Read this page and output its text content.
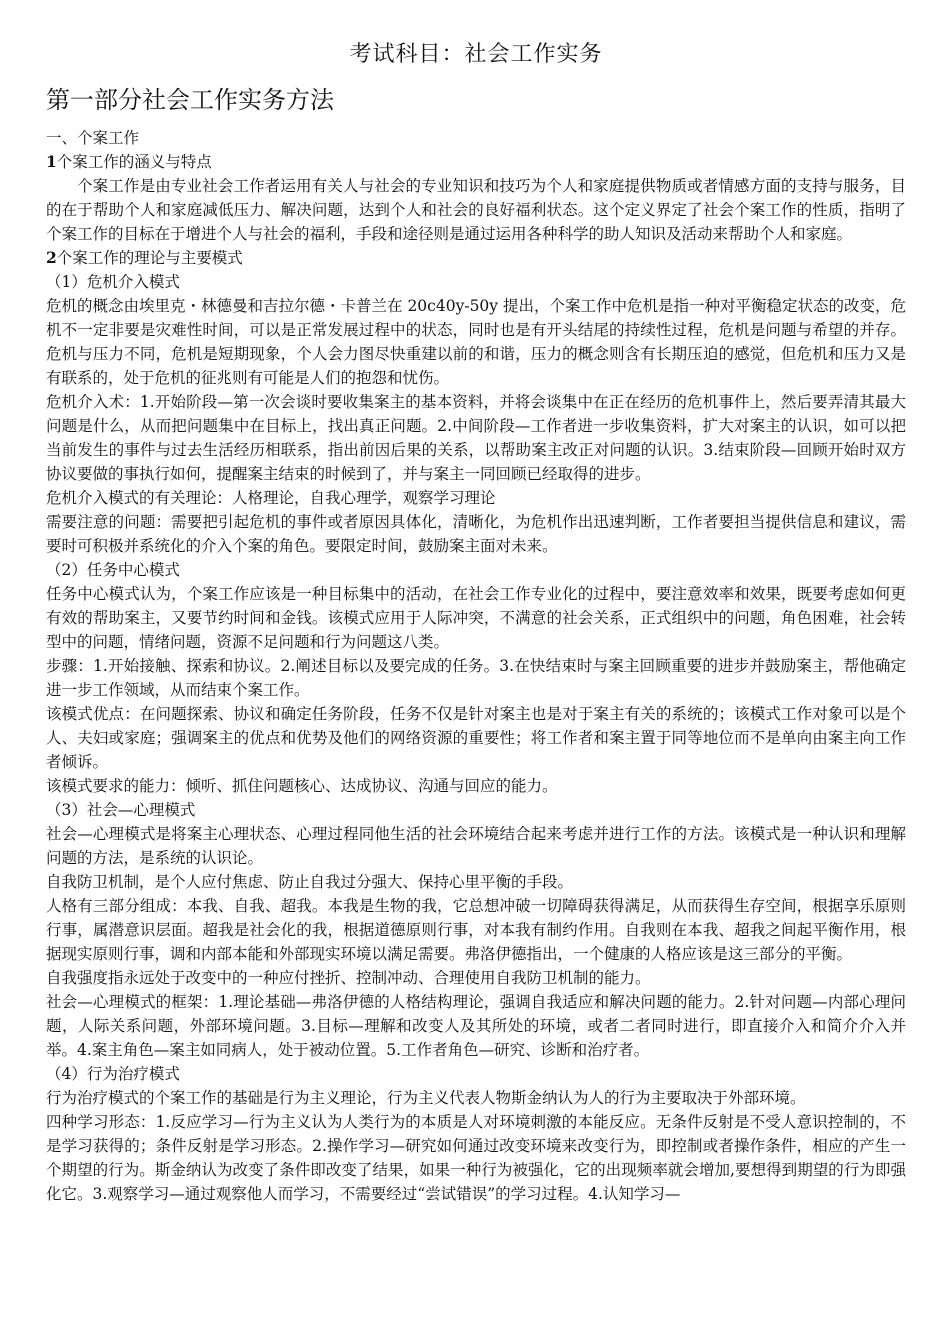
考试科目：社会工作实务
第一部分社会工作实务方法
一、个案工作
1个案工作的涵义与特点
个案工作是由专业社会工作者运用有关人与社会的专业知识和技巧为个人和家庭提供物质或者情感方面的支持与服务，目的在于帮助个人和家庭减低压力、解决问题，达到个人和社会的良好福利状态。这个定义界定了社会个案工作的性质，指明了个案工作的目标在于增进个人与社会的福利，手段和途径则是通过运用各种科学的助人知识及活动来帮助个人和家庭。
2个案工作的理论与主要模式
（1）危机介入模式
危机的概念由埃里克・林德曼和吉拉尔德・卡普兰在 20c40y-50y 提出，个案工作中危机是指一种对平衡稳定状态的改变，危机不一定非要是灾难性时间，可以是正常发展过程中的状态，同时也是有开头结尾的持续性过程，危机是问题与希望的并存。危机与压力不同，危机是短期现象，个人会力图尽快重建以前的和谐，压力的概念则含有长期压迫的感觉，但危机和压力又是有联系的，处于危机的征兆则有可能是人们的抱怨和忧伤。
危机介入术：1.开始阶段—第一次会谈时要收集案主的基本资料，并将会谈集中在正在经历的危机事件上，然后要弄清其最大问题是什么，从而把问题集中在目标上，找出真正问题。2.中间阶段—工作者进一步收集资料，扩大对案主的认识，如可以把当前发生的事件与过去生活经历相联系，指出前因后果的关系，以帮助案主改正对问题的认识。3.结束阶段—回顾开始时双方协议要做的事执行如何，提醒案主结束的时候到了，并与案主一同回顾已经取得的进步。
危机介入模式的有关理论：人格理论，自我心理学，观察学习理论
需要注意的问题：需要把引起危机的事件或者原因具体化，清晰化，为危机作出迅速判断，工作者要担当提供信息和建议，需要时可积极并系统化的介入个案的角色。要限定时间，鼓励案主面对未来。
（2）任务中心模式
任务中心模式认为，个案工作应该是一种目标集中的活动，在社会工作专业化的过程中，要注意效率和效果，既要考虑如何更有效的帮助案主，又要节约时间和金钱。该模式应用于人际冲突，不满意的社会关系，正式组织中的问题，角色困难，社会转型中的问题，情绪问题，资源不足问题和行为问题这八类。
步骤：1.开始接触、探索和协议。2.阐述目标以及要完成的任务。3.在快结束时与案主回顾重要的进步并鼓励案主，帮他确定进一步工作领域，从而结束个案工作。
该模式优点：在问题探索、协议和确定任务阶段，任务不仅是针对案主也是对于案主有关的系统的；该模式工作对象可以是个人、夫妇或家庭；强调案主的优点和优势及他们的网络资源的重要性；将工作者和案主置于同等地位而不是单向由案主向工作者倾诉。
该模式要求的能力：倾听、抓住问题核心、达成协议、沟通与回应的能力。
（3）社会—心理模式
社会—心理模式是将案主心理状态、心理过程同他生活的社会环境结合起来考虑并进行工作的方法。该模式是一种认识和理解问题的方法，是系统的认识论。
自我防卫机制，是个人应付焦虑、防止自我过分强大、保持心里平衡的手段。
人格有三部分组成：本我、自我、超我。本我是生物的我，它总想冲破一切障碍获得满足，从而获得生存空间，根据享乐原则行事，属潜意识层面。超我是社会化的我，根据道德原则行事，对本我有制约作用。自我则在本我、超我之间起平衡作用，根据现实原则行事，调和内部本能和外部现实环境以满足需要。弗洛伊德指出，一个健康的人格应该是这三部分的平衡。
自我强度指永远处于改变中的一种应付挫折、控制冲动、合理使用自我防卫机制的能力。
社会—心理模式的框架：1.理论基础—弗洛伊德的人格结构理论，强调自我适应和解决问题的能力。2.针对问题—内部心理问题，人际关系问题，外部环境问题。3.目标—理解和改变人及其所处的环境，或者二者同时进行，即直接介入和简介介入并举。4.案主角色—案主如同病人，处于被动位置。5.工作者角色—研究、诊断和治疗者。
（4）行为治疗模式
行为治疗模式的个案工作的基础是行为主义理论，行为主义代表人物斯金纳认为人的行为主要取决于外部环境。
四种学习形态：1.反应学习—行为主义认为人类行为的本质是人对环境刺激的本能反应。无条件反射是不受人意识控制的，不是学习获得的；条件反射是学习形态。2.操作学习—研究如何通过改变环境来改变行为，即控制或者操作条件，相应的产生一个期望的行为。斯金纳认为改变了条件即改变了结果，如果一种行为被强化，它的出现频率就会增加,要想得到期望的行为即强化它。3.观察学习—通过观察他人而学习，不需要经过“尝试错误”的学习过程。4.认知学习—
